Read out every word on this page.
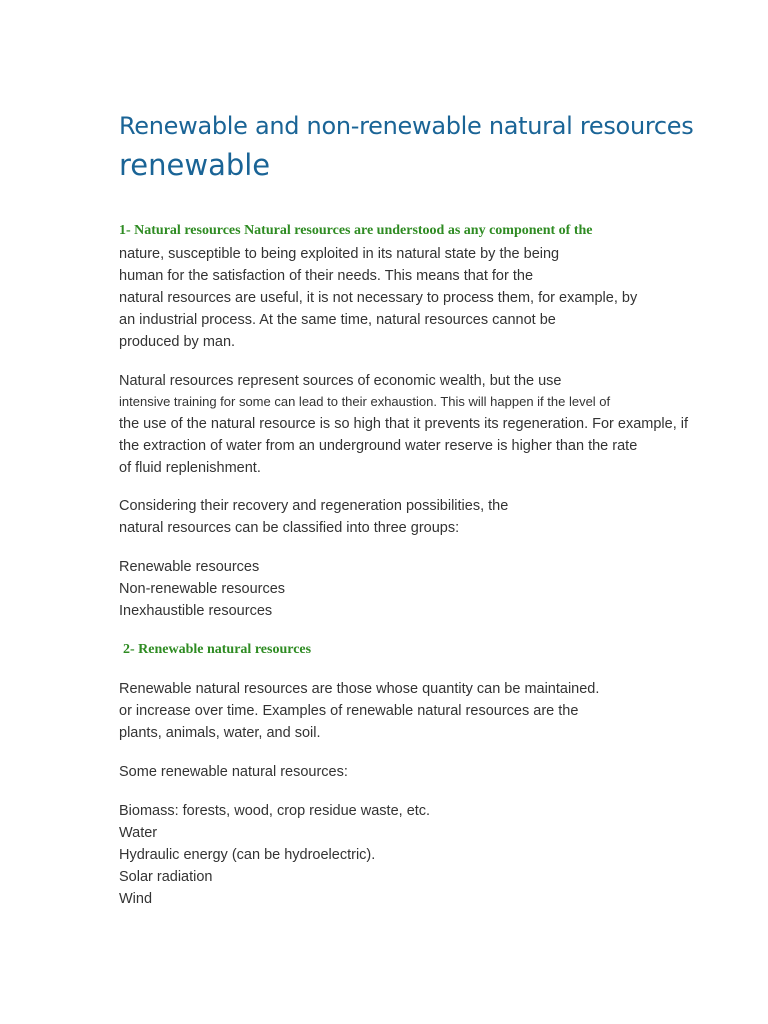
Renewable and non-renewable natural resources
renewable
1- Natural resources Natural resources are understood as any component of the
nature, susceptible to being exploited in its natural state by the being
human for the satisfaction of their needs. This means that for the
natural resources are useful, it is not necessary to process them, for example, by
an industrial process. At the same time, natural resources cannot be
produced by man.
Natural resources represent sources of economic wealth, but the use
intensive training for some can lead to their exhaustion. This will happen if the level of
the use of the natural resource is so high that it prevents its regeneration. For example, if
the extraction of water from an underground water reserve is higher than the rate
of fluid replenishment.
Considering their recovery and regeneration possibilities, the
natural resources can be classified into three groups:
Renewable resources
Non-renewable resources
Inexhaustible resources
2- Renewable natural resources
Renewable natural resources are those whose quantity can be maintained.
or increase over time. Examples of renewable natural resources are the
plants, animals, water, and soil.
Some renewable natural resources:
Biomass: forests, wood, crop residue waste, etc.
Water
Hydraulic energy (can be hydroelectric).
Solar radiation
Wind
